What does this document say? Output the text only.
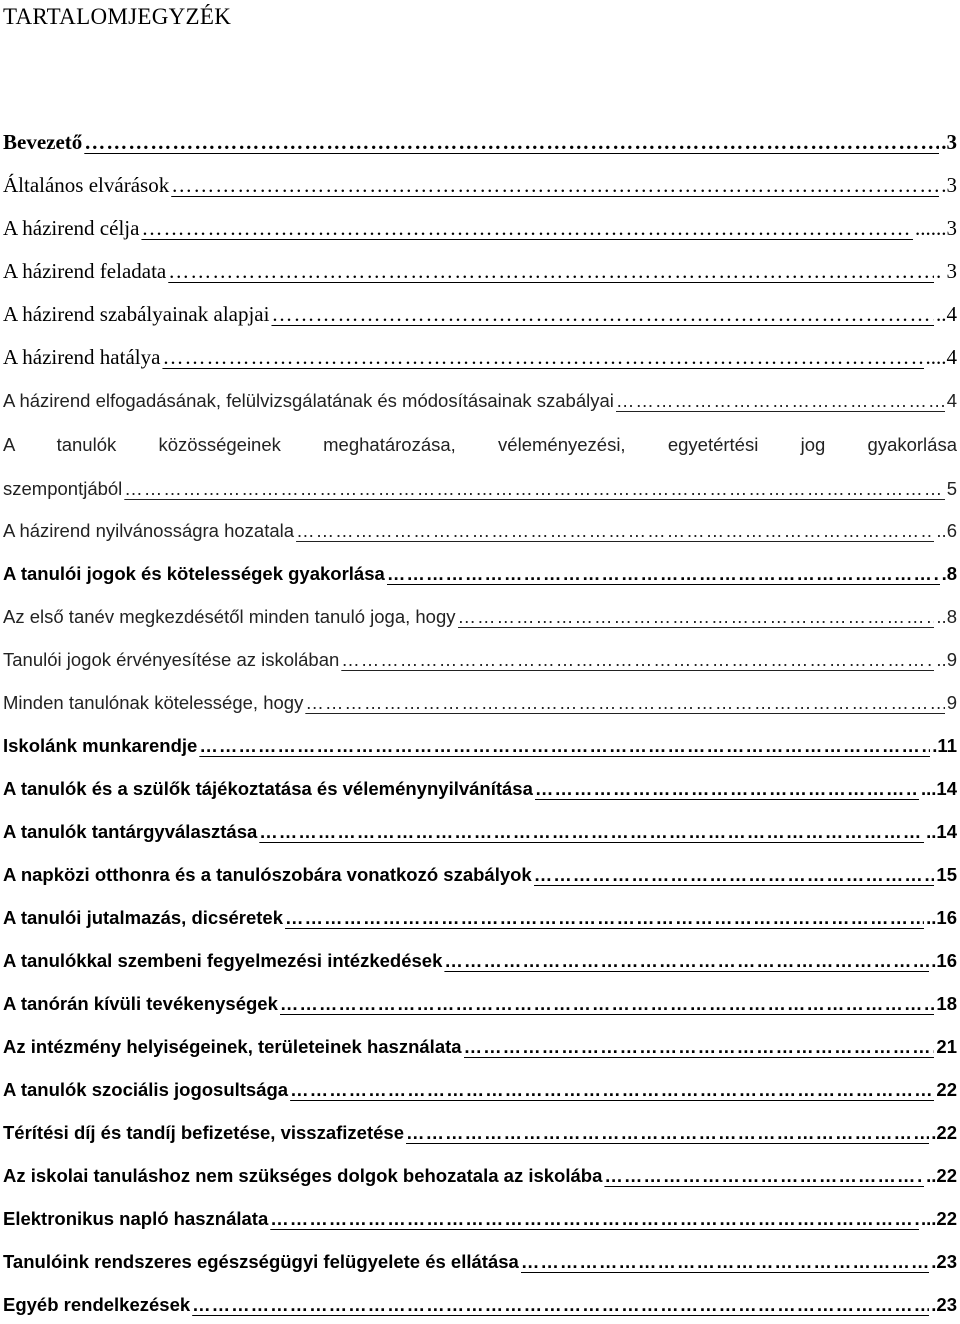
TARTALOMJEGYZÉK
Bevezető ……………………………………………………………………………………………………………………………………………………………………………………………………………………	.3
Általános elvárások ……………………………………………………………………………………………………………………………………………………………………………………………………………………	.3
A házirend célja ……………………………………………………………………………………………………………………………………………………………………………………………………………………	......3
A házirend feladata ……………………………………………………………………………………………………………………………………………………………………………………………………………………	. 3
A házirend szabályainak alapjai ……………………………………………………………………………………………………………………………………………………………………………………………………………………	..4
A házirend hatálya ……………………………………………………………………………………………………………………………………………………………………………………………………………………	....4
A házirend elfogadásának, felülvizsgálatának és módosításainak szabályai ……………………………………………………………………………………………………………………………………………………………………………………………………………………	4
A tanulók közösségeinek meghatározása, véleményezési, egyetértési jog gyakorlása
szempontjából ……………………………………………………………………………………………………………………………………………………………………………………………………………………	5
A házirend nyilvánosságra hozatala ……………………………………………………………………………………………………………………………………………………………………………………………………………………	..6
A tanulói jogok és kötelességek gyakorlása ……………………………………………………………………………………………………………………………………………………………………………………………………………………	.8
Az első tanév megkezdésétől minden tanuló joga, hogy ……………………………………………………………………………………………………………………………………………………………………………………………………………………	..8
Tanulói jogok érvényesítése az iskolában ……………………………………………………………………………………………………………………………………………………………………………………………………………………	..9
Minden tanulónak kötelessége, hogy ……………………………………………………………………………………………………………………………………………………………………………………………………………………	9
Iskolánk munkarendje ……………………………………………………………………………………………………………………………………………………………………………………………………………………	.11
A tanulók és a szülők tájékoztatása és véleménynyilvánítása ……………………………………………………………………………………………………………………………………………………………………………………………………………………	...14
A tanulók tantárgyválasztása ……………………………………………………………………………………………………………………………………………………………………………………………………………………	..14
A napközi otthonra és a tanulószobára vonatkozó szabályok ……………………………………………………………………………………………………………………………………………………………………………………………………………………	15
A tanulói jutalmazás, dicséretek ……………………………………………………………………………………………………………………………………………………………………………………………………………………	..16
A tanulókkal szembeni fegyelmezési intézkedések ……………………………………………………………………………………………………………………………………………………………………………………………………………………	.16
A tanórán kívüli tevékenységek ……………………………………………………………………………………………………………………………………………………………………………………………………………………	18
Az intézmény helyiségeinek, területeinek használata ……………………………………………………………………………………………………………………………………………………………………………………………………………………	21
A tanulók szociális jogosultsága ……………………………………………………………………………………………………………………………………………………………………………………………………………………	22
Térítési díj és tandíj befizetése, visszafizetése ……………………………………………………………………………………………………………………………………………………………………………………………………………………	.22
Az iskolai tanuláshoz nem szükséges dolgok behozatala az iskolába ……………………………………………………………………………………………………………………………………………………………………………………………………………………	..22
Elektronikus napló használata ……………………………………………………………………………………………………………………………………………………………………………………………………………………	...22
Tanulóink rendszeres egészségügyi felügyelete és ellátása ……………………………………………………………………………………………………………………………………………………………………………………………………………………	.23
Egyéb rendelkezések ……………………………………………………………………………………………………………………………………………………………………………………………………………………	.23
